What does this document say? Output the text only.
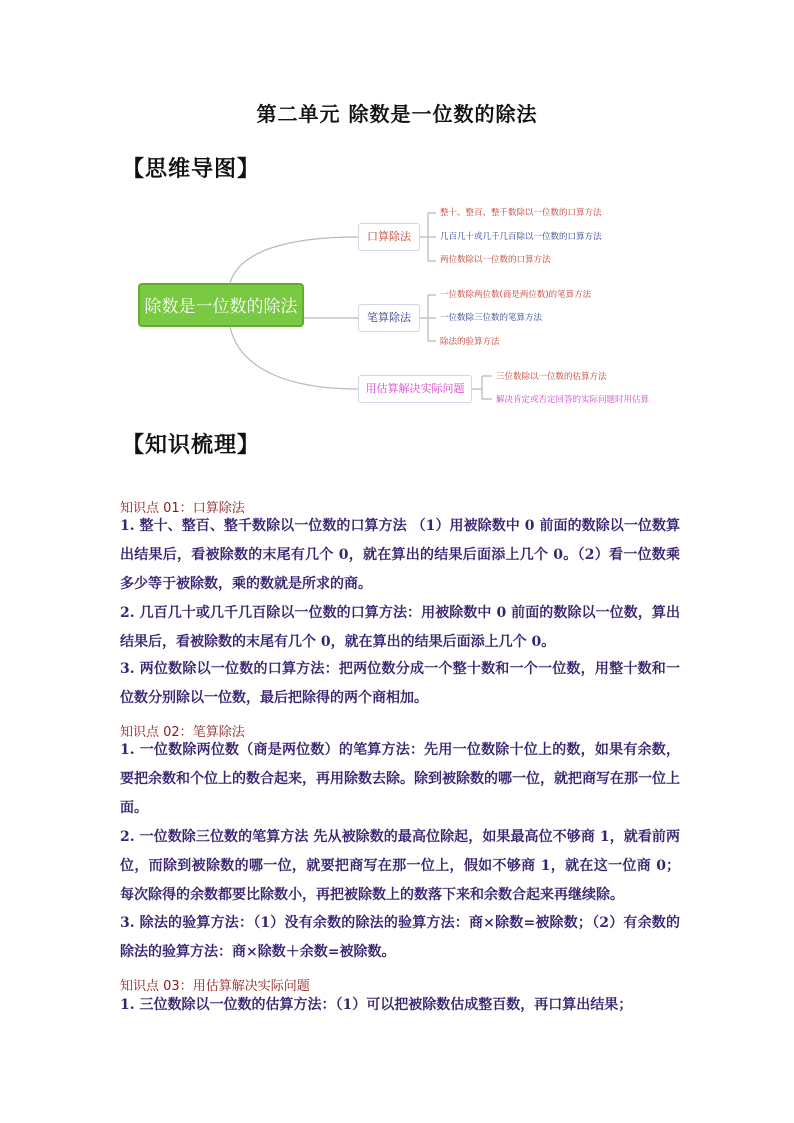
第二单元 除数是一位数的除法
【思维导图】
除数是一位数的除法
口算除法
笔算除法
用估算解决实际问题
整十、整百、整千数除以一位数的口算方法
几百几十或几千几百除以一位数的口算方法
两位数除以一位数的口算方法
一位数除两位数(商是两位数)的笔算方法
一位数除三位数的笔算方法
除法的验算方法
三位数除以一位数的估算方法
解决肯定或否定回答的实际问题时用估算
【知识梳理】
知识点 01：口算除法
1. 整十、整百、整千数除以一位数的口算方法 （1）用被除数中 0 前面的数除以一位数算出结果后，看被除数的末尾有几个 0，就在算出的结果后面添上几个 0。（2）看一位数乘多少等于被除数，乘的数就是所求的商。
2. 几百几十或几千几百除以一位数的口算方法：用被除数中 0 前面的数除以一位数，算出结果后，看被除数的末尾有几个 0，就在算出的结果后面添上几个 0。
3. 两位数除以一位数的口算方法：把两位数分成一个整十数和一个一位数，用整十数和一位数分别除以一位数，最后把除得的两个商相加。
知识点 02：笔算除法
1. 一位数除两位数（商是两位数）的笔算方法：先用一位数除十位上的数，如果有余数，要把余数和个位上的数合起来，再用除数去除。除到被除数的哪一位，就把商写在那一位上面。
2. 一位数除三位数的笔算方法 先从被除数的最高位除起，如果最高位不够商 1，就看前两位，而除到被除数的哪一位，就要把商写在那一位上，假如不够商 1，就在这一位商 0；每次除得的余数都要比除数小，再把被除数上的数落下来和余数合起来再继续除。
3. 除法的验算方法：（1）没有余数的除法的验算方法：商×除数=被除数；（2）有余数的除法的验算方法：商×除数＋余数=被除数。
知识点 03：用估算解决实际问题
1. 三位数除以一位数的估算方法：（1）可以把被除数估成整百数，再口算出结果；
